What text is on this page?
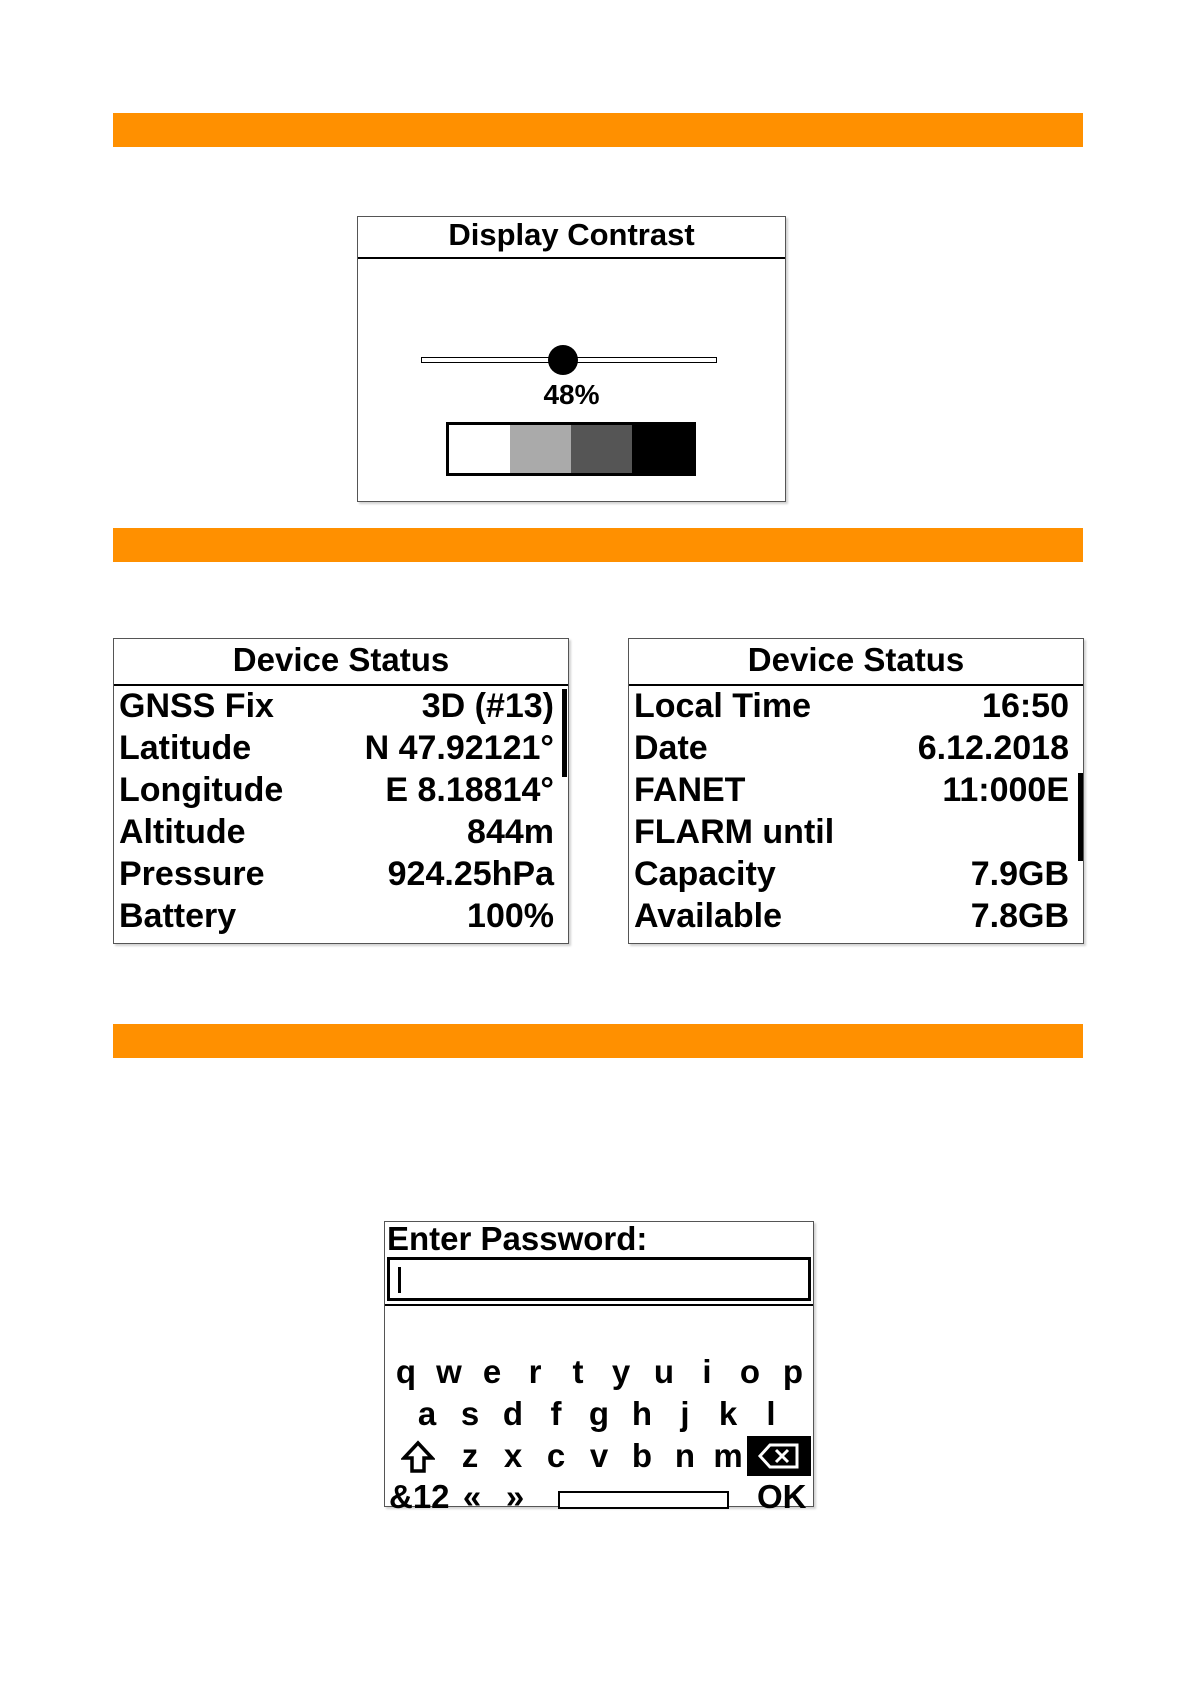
Display Contrast
48%
Device Status
GNSS Fix	3D (#13)
Latitude	N 47.92121°
Longitude	E 8.18814°
Altitude	844m
Pressure	924.25hPa
Battery	100%
Device Status
Local Time	16:50
Date	6.12.2018
FANET	11:000E
FLARM until
Capacity	7.9GB
Available	7.8GB
Enter Password:
q w e r t y u i o p
a s d f g h j k l
z x c v b n m
&12 « »	OK
